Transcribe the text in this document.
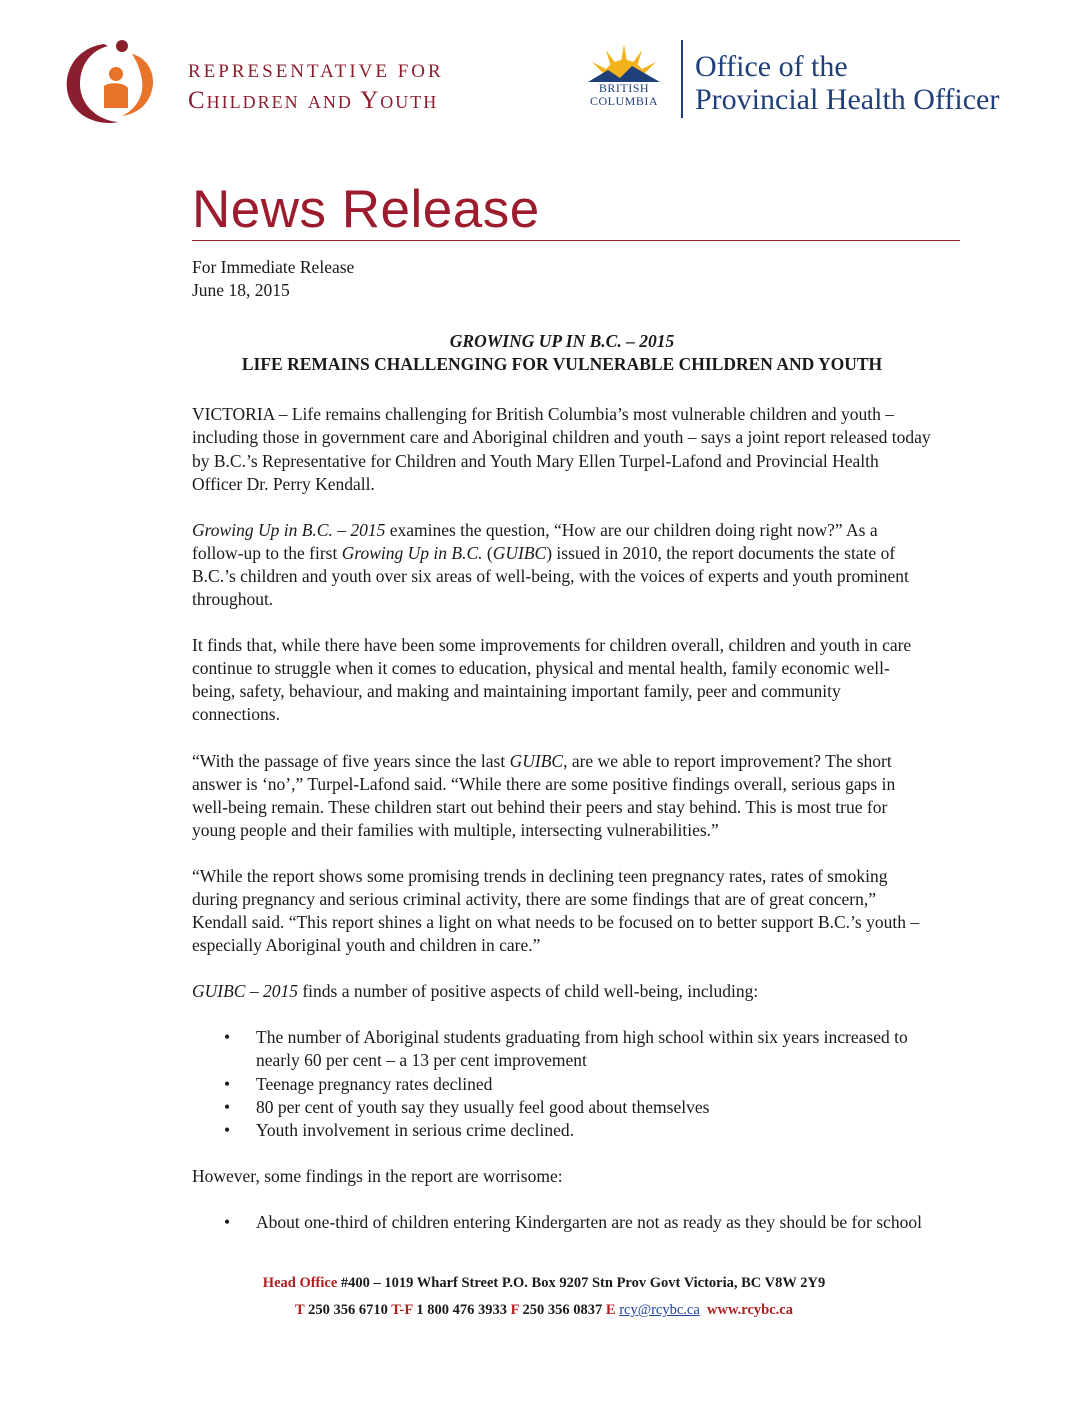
REPRESENTATIVE FOR
Children and Youth	BRITISH
COLUMBIA
Office of the
Provincial Health Officer
News Release

For Immediate Release

June 18, 2015

GROWING UP IN B.C. – 2015
LIFE REMAINS CHALLENGING FOR VULNERABLE CHILDREN AND YOUTH

VICTORIA – Life remains challenging for British Columbia’s most vulnerable children and youth – including those in government care and Aboriginal children and youth – says a joint report released today by B.C.’s Representative for Children and Youth Mary Ellen Turpel-Lafond and Provincial Health Officer Dr. Perry Kendall.

Growing Up in B.C. – 2015 examines the question, “How are our children doing right now?” As a follow-up to the first Growing Up in B.C. (GUIBC) issued in 2010, the report documents the state of B.C.’s children and youth over six areas of well-being, with the voices of experts and youth prominent throughout.

It finds that, while there have been some improvements for children overall, children and youth in care continue to struggle when it comes to education, physical and mental health, family economic well-being, safety, behaviour, and making and maintaining important family, peer and community connections.

“With the passage of five years since the last GUIBC, are we able to report improvement? The short answer is ‘no’,” Turpel-Lafond said. “While there are some positive findings overall, serious gaps in well-being remain. These children start out behind their peers and stay behind. This is most true for young people and their families with multiple, intersecting vulnerabilities.”

“While the report shows some promising trends in declining teen pregnancy rates, rates of smoking during pregnancy and serious criminal activity, there are some findings that are of great concern,” Kendall said. “This report shines a light on what needs to be focused on to better support B.C.’s youth – especially Aboriginal youth and children in care.”

GUIBC – 2015 finds a number of positive aspects of child well-being, including:

• The number of Aboriginal students graduating from high school within six years increased to nearly 60 per cent – a 13 per cent improvement
• Teenage pregnancy rates declined
• 80 per cent of youth say they usually feel good about themselves
• Youth involvement in serious crime declined.

However, some findings in the report are worrisome:

• About one-third of children entering Kindergarten are not as ready as they should be for school
Head Office #400 – 1019 Wharf Street P.O. Box 9207 Stn Prov Govt Victoria, BC V8W 2Y9
T 250 356 6710 T-F 1 800 476 3933 F 250 356 0837 E rcy@rcybc.ca www.rcybc.ca
